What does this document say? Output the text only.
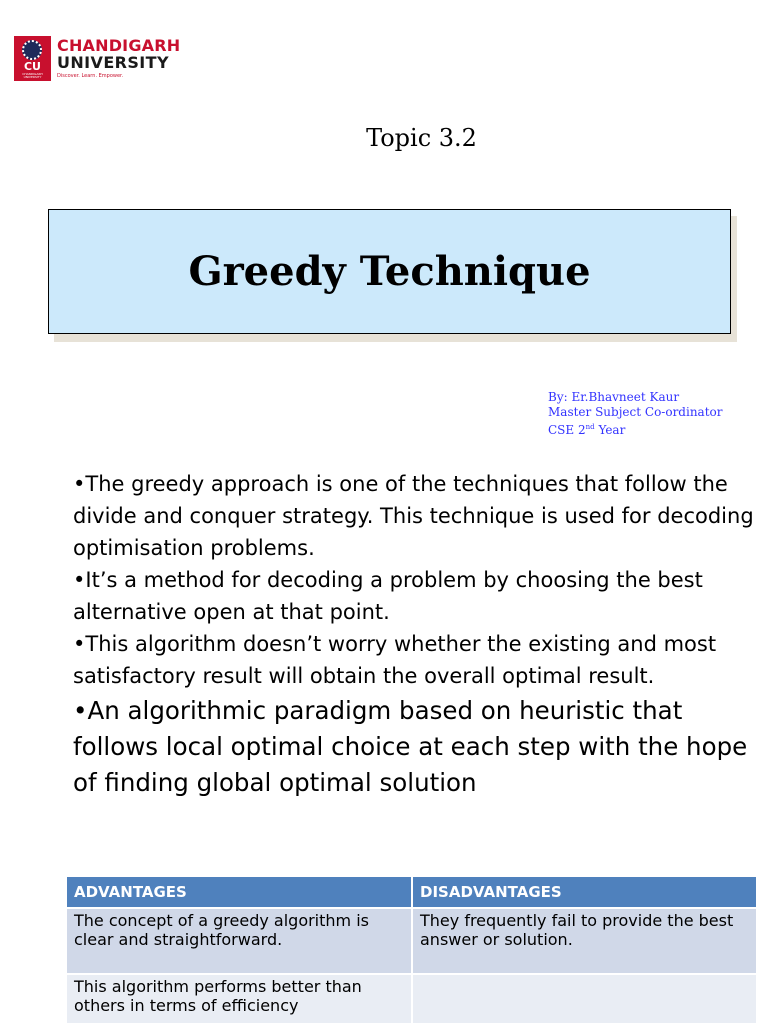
CU
CHANDIGARH UNIVERSITY
CHANDIGARH
UNIVERSITY
Discover. Learn. Empower.
Topic 3.2
Greedy Technique
By: Er.Bhavneet Kaur
Master Subject Co-ordinator
CSE 2nd Year

•The greedy approach is one of the techniques that follow the divide and conquer strategy. This technique is used for decoding optimisation problems.

•It’s a method for decoding a problem by choosing the best alternative open at that point.

•This algorithm doesn’t worry whether the existing and most satisfactory result will obtain the overall optimal result.

•An algorithmic paradigm based on heuristic that follows local optimal choice at each step with the hope of finding global optimal solution

ADVANTAGES	DISADVANTAGES
The concept of a greedy algorithm is clear and straightforward.	They frequently fail to provide the best answer or solution.
This algorithm performs better than others in terms of efficiency	
